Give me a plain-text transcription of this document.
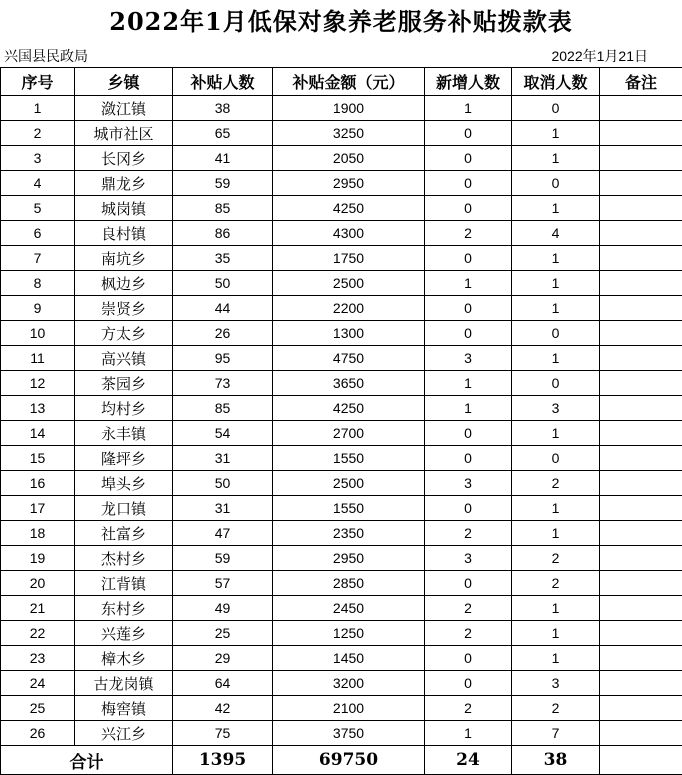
2022年1月低保对象养老服务补贴拨款表
兴国县民政局	2022年1月21日
序号	乡镇	补贴人数	补贴金额（元）	新增人数	取消人数	备注
1	潋江镇	38	1900	1	0	
2	城市社区	65	3250	0	1	
3	长冈乡	41	2050	0	1	
4	鼎龙乡	59	2950	0	0	
5	城岗镇	85	4250	0	1	
6	良村镇	86	4300	2	4	
7	南坑乡	35	1750	0	1	
8	枫边乡	50	2500	1	1	
9	崇贤乡	44	2200	0	1	
10	方太乡	26	1300	0	0	
11	高兴镇	95	4750	3	1	
12	茶园乡	73	3650	1	0	
13	均村乡	85	4250	1	3	
14	永丰镇	54	2700	0	1	
15	隆坪乡	31	1550	0	0	
16	埠头乡	50	2500	3	2	
17	龙口镇	31	1550	0	1	
18	社富乡	47	2350	2	1	
19	杰村乡	59	2950	3	2	
20	江背镇	57	2850	0	2	
21	东村乡	49	2450	2	1	
22	兴莲乡	25	1250	2	1	
23	樟木乡	29	1450	0	1	
24	古龙岗镇	64	3200	0	3	
25	梅窖镇	42	2100	2	2	
26	兴江乡	75	3750	1	7	
合计		1395	69750	24	38	
